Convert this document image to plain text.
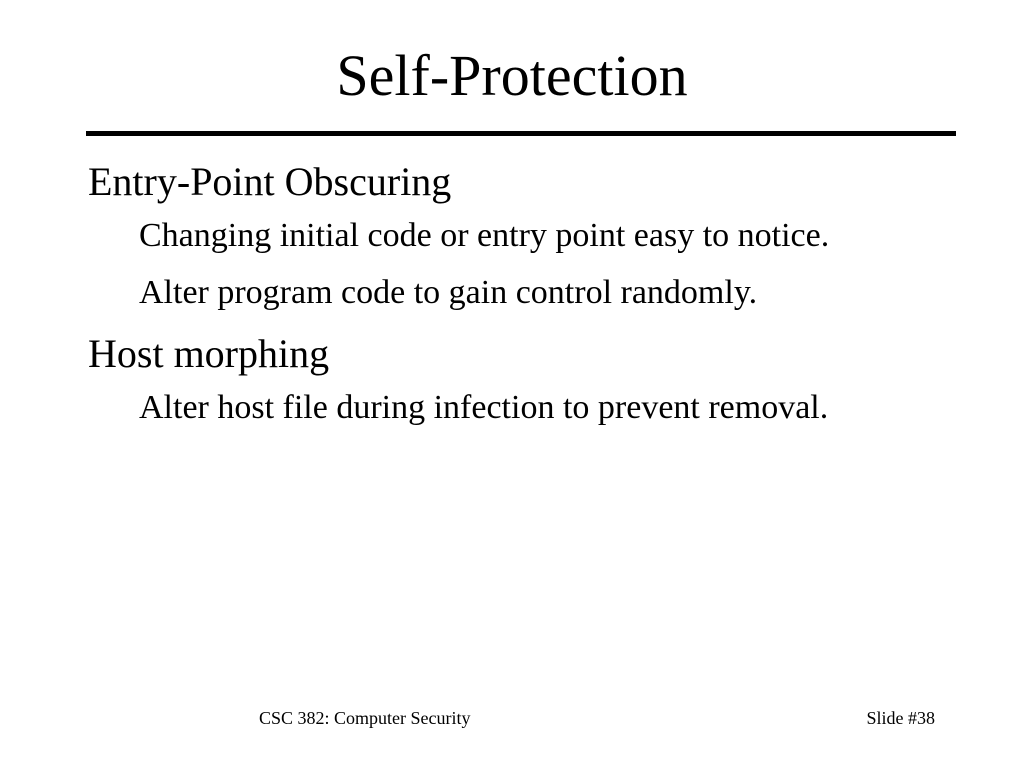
Self-Protection
Entry-Point Obscuring
Changing initial code or entry point easy to notice.
Alter program code to gain control randomly.
Host morphing
Alter host file during infection to prevent removal.
CSC 382: Computer Security	Slide #38
